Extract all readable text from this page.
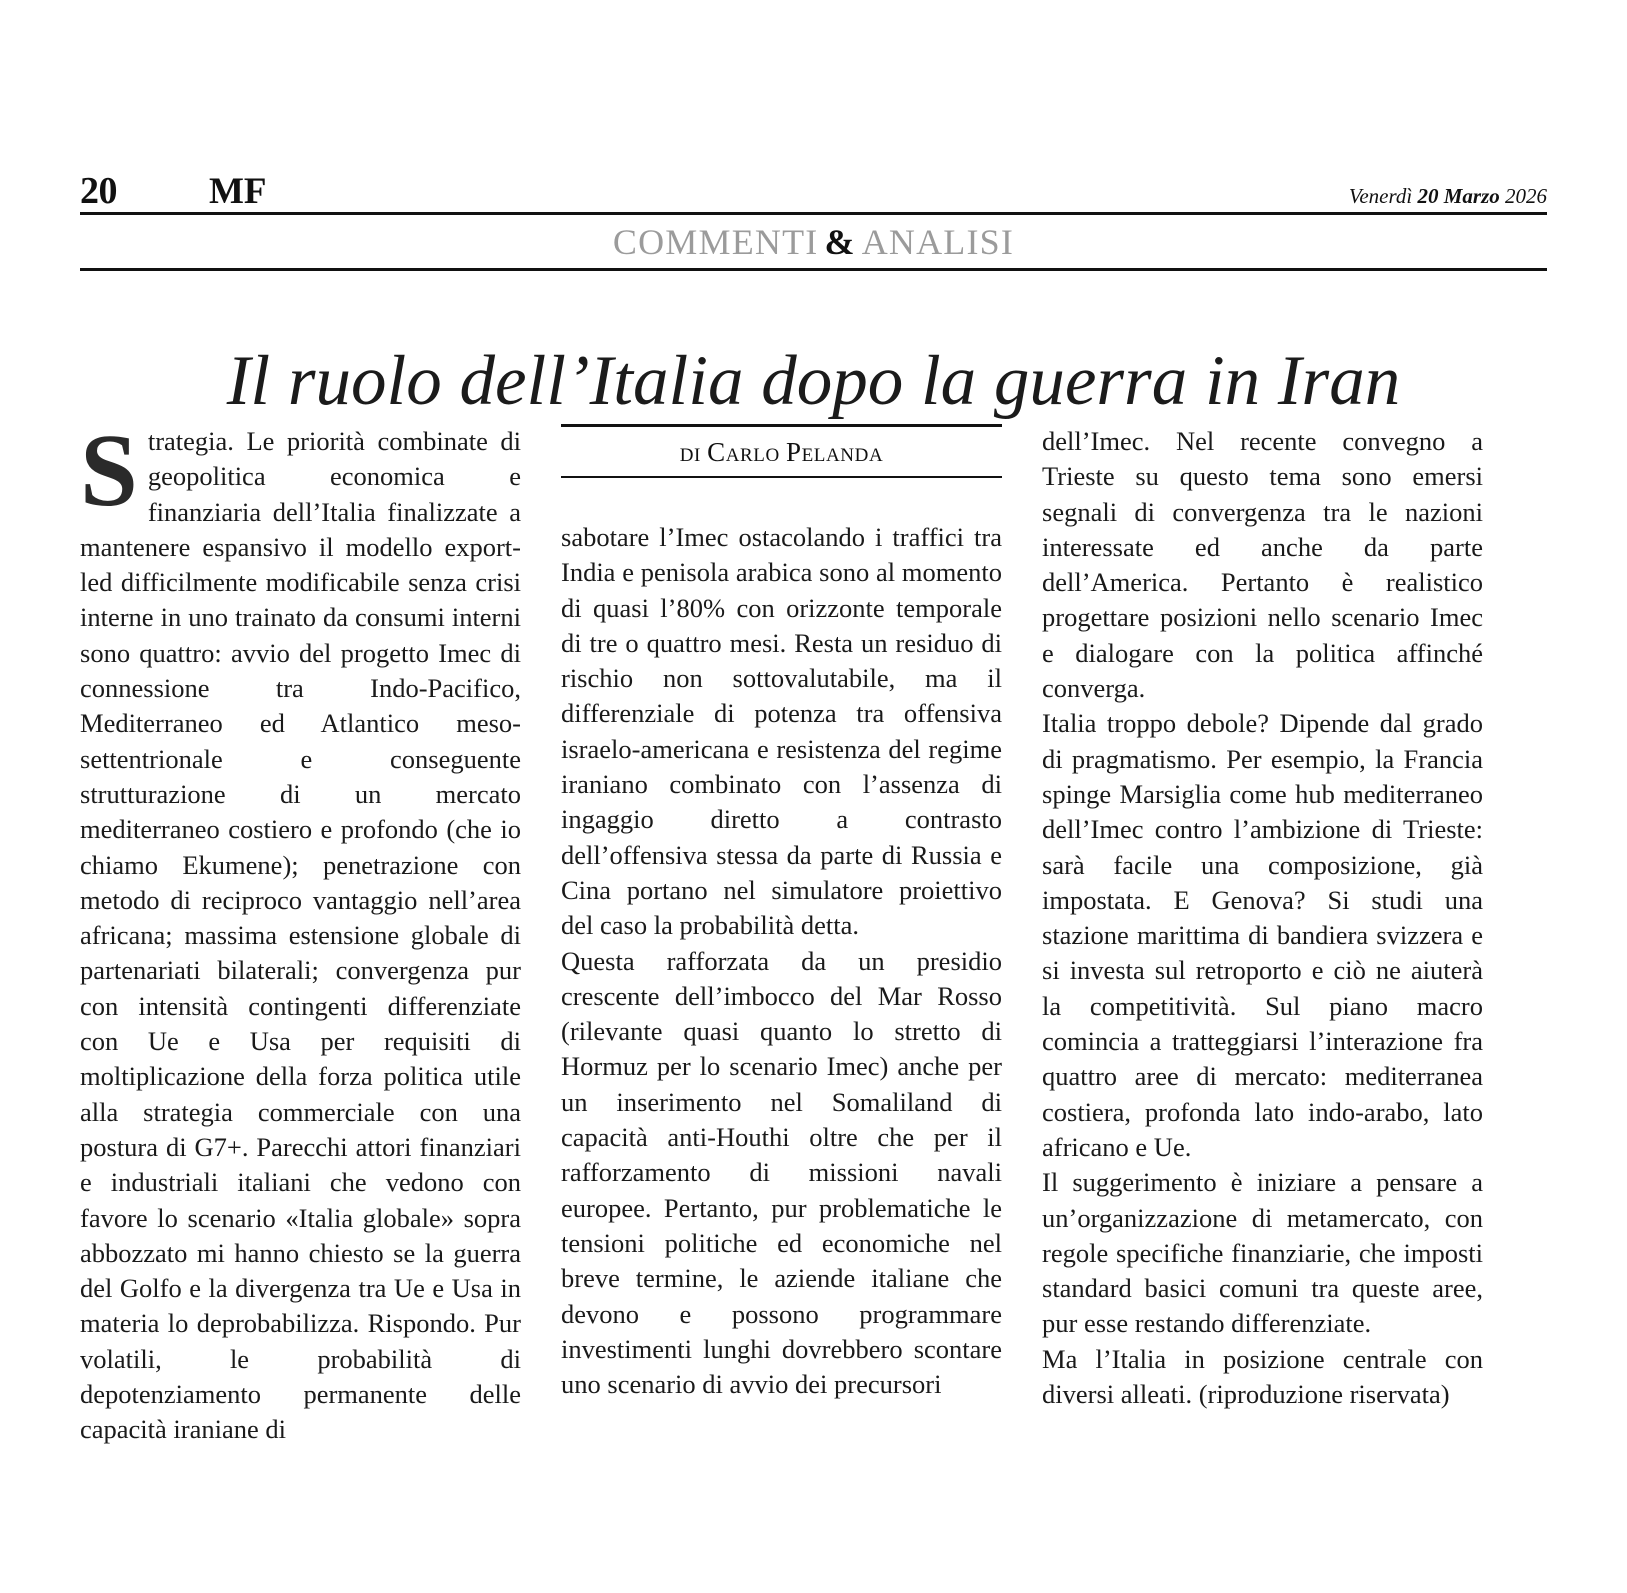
20 MF	Venerdì 20 Marzo 2026
COMMENTI & ANALISI
Il ruolo dell’Italia dopo la guerra in Iran

Strategia. Le priorità combinate di geopolitica economica e finanziaria dell’Italia finalizzate a mantenere espansivo il modello export-led difficilmente modificabile senza crisi interne in uno trainato da consumi interni sono quattro: avvio del progetto Imec di connessione tra Indo-Pacifico, Mediterraneo ed Atlantico meso-settentrionale e conseguente strutturazione di un mercato mediterraneo costiero e profondo (che io chiamo Ekumene); penetrazione con metodo di reciproco vantaggio nell’area africana; massima estensione globale di partenariati bilaterali; convergenza pur con intensità contingenti differenziate con Ue e Usa per requisiti di moltiplicazione della forza politica utile alla strategia commerciale con una postura di G7+. Parecchi attori finanziari e industriali italiani che vedono con favore lo scenario «Italia globale» sopra abbozzato mi hanno chiesto se la guerra del Golfo e la divergenza tra Ue e Usa in materia lo deprobabilizza. Rispondo. Pur volatili, le probabilità di depotenziamento permanente delle capacità iraniane di

DI CARLO PELANDA

sabotare l’Imec ostacolando i traffici tra India e penisola arabica sono al momento di quasi l’80% con orizzonte temporale di tre o quattro mesi. Resta un residuo di rischio non sottovalutabile, ma il differenziale di potenza tra offensiva israelo-americana e resistenza del regime iraniano combinato con l’assenza di ingaggio diretto a contrasto dell’offensiva stessa da parte di Russia e Cina portano nel simulatore proiettivo del caso la probabilità detta.

Questa rafforzata da un presidio crescente dell’imbocco del Mar Rosso (rilevante quasi quanto lo stretto di Hormuz per lo scenario Imec) anche per un inserimento nel Somaliland di capacità anti-Houthi oltre che per il rafforzamento di missioni navali europee. Pertanto, pur problematiche le tensioni politiche ed economiche nel breve termine, le aziende italiane che devono e possono programmare investimenti lunghi dovrebbero scontare uno scenario di avvio dei precursori

dell’Imec. Nel recente convegno a Trieste su questo tema sono emersi segnali di convergenza tra le nazioni interessate ed anche da parte dell’America. Pertanto è realistico progettare posizioni nello scenario Imec e dialogare con la politica affinché converga.

Italia troppo debole? Dipende dal grado di pragmatismo. Per esempio, la Francia spinge Marsiglia come hub mediterraneo dell’Imec contro l’ambizione di Trieste: sarà facile una composizione, già impostata. E Genova? Si studi una stazione marittima di bandiera svizzera e si investa sul retroporto e ciò ne aiuterà la competitività. Sul piano macro comincia a tratteggiarsi l’interazione fra quattro aree di mercato: mediterranea costiera, profonda lato indo-arabo, lato africano e Ue.

Il suggerimento è iniziare a pensare a un’organizzazione di metamercato, con regole specifiche finanziarie, che imposti standard basici comuni tra queste aree, pur esse restando differenziate.

Ma l’Italia in posizione centrale con diversi alleati. (riproduzione riservata)
